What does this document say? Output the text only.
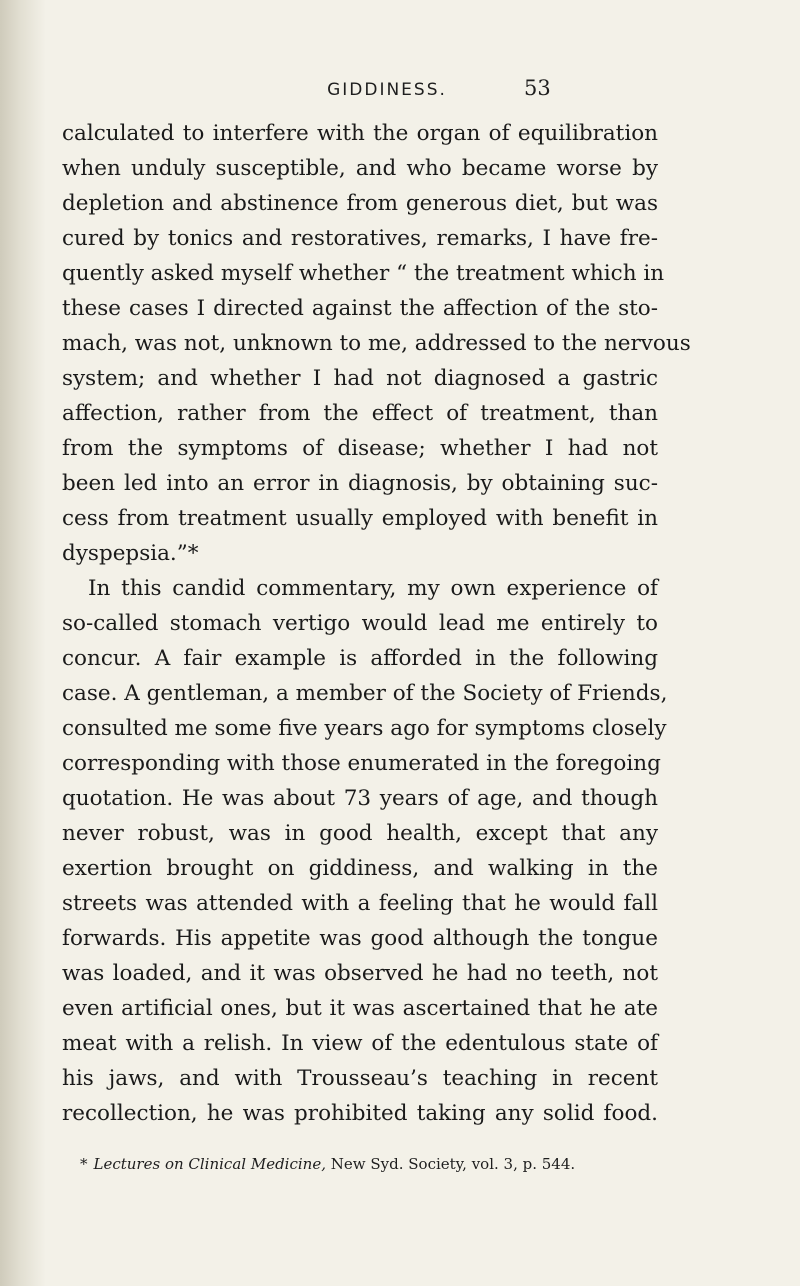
GIDDINESS.	53
calculated to interfere with the organ of equilibration
when unduly susceptible, and who became worse by
depletion and abstinence from generous diet, but was
cured by tonics and restoratives, remarks, I have fre-
quently asked myself whether “ the treatment which in
these cases I directed against the affection of the sto-
mach, was not, unknown to me, addressed to the nervous
system; and whether I had not diagnosed a gastric
affection, rather from the effect of treatment, than
from the symptoms of disease; whether I had not
been led into an error in diagnosis, by obtaining suc-
cess from treatment usually employed with benefit in
dyspepsia.”*
In this candid commentary, my own experience of
so-called stomach vertigo would lead me entirely to
concur. A fair example is afforded in the following
case. A gentleman, a member of the Society of Friends,
consulted me some five years ago for symptoms closely
corresponding with those enumerated in the foregoing
quotation. He was about 73 years of age, and though
never robust, was in good health, except that any
exertion brought on giddiness, and walking in the
streets was attended with a feeling that he would fall
forwards. His appetite was good although the tongue
was loaded, and it was observed he had no teeth, not
even artificial ones, but it was ascertained that he ate
meat with a relish. In view of the edentulous state of
his jaws, and with Trousseau’s teaching in recent
recollection, he was prohibited taking any solid food.
* Lectures on Clinical Medicine, New Syd. Society, vol. 3, p. 544.
